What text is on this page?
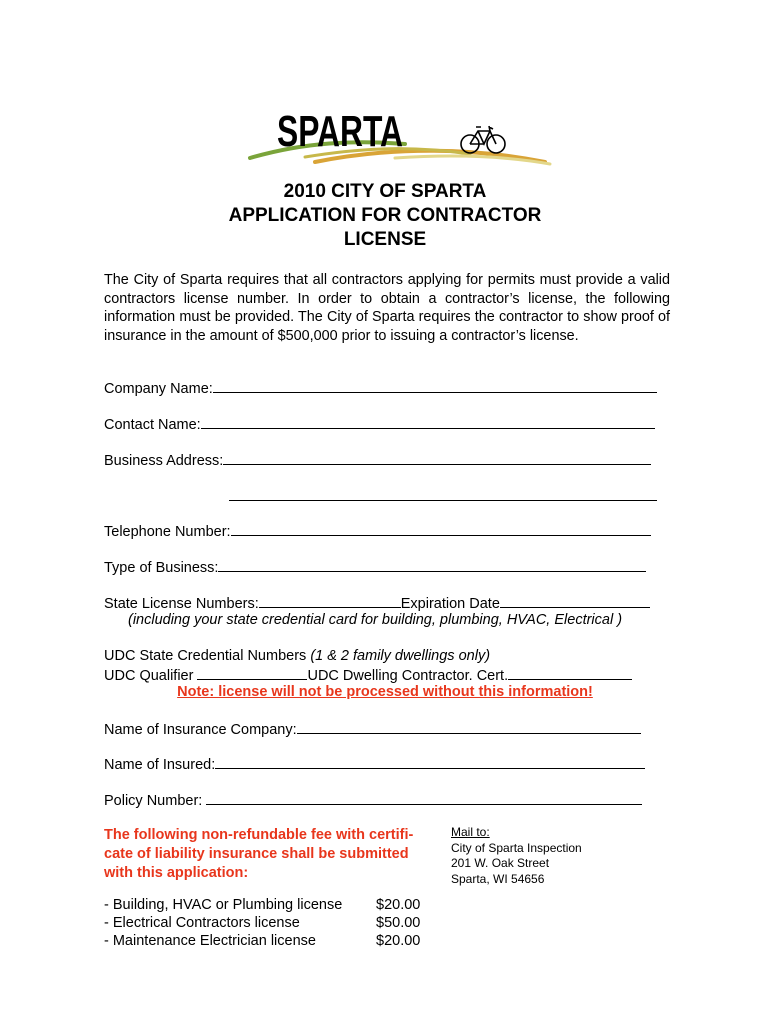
SPARTA
2010 CITY OF SPARTA
APPLICATION FOR CONTRACTOR
LICENSE
The City of Sparta requires that all contractors applying for permits must provide a valid contractors license number. In order to obtain a contractor’s license, the following information must be provided. The City of Sparta requires the contractor to show proof of insurance in the amount of $500,000 prior to issuing a contractor’s license.
Company Name:
Contact Name:
Business Address:
Telephone Number:
Type of Business:
State License Numbers:	Expiration Date
(including your state credential card for building, plumbing, HVAC, Electrical )
UDC State Credential Numbers (1 & 2 family dwellings only)
UDC Qualifier	UDC Dwelling Contractor. Cert.
Note: license will not be processed without this information!
Name of Insurance Company:
Name of Insured:
Policy Number:
The following non-refundable fee with certifi-
cate of liability insurance shall be submitted
with this application:
Mail to:
City of Sparta Inspection
201 W. Oak Street
Sparta, WI 54656
- Building, HVAC or Plumbing license $20.00
- Electrical Contractors license	$50.00
- Maintenance Electrician license	$20.00
